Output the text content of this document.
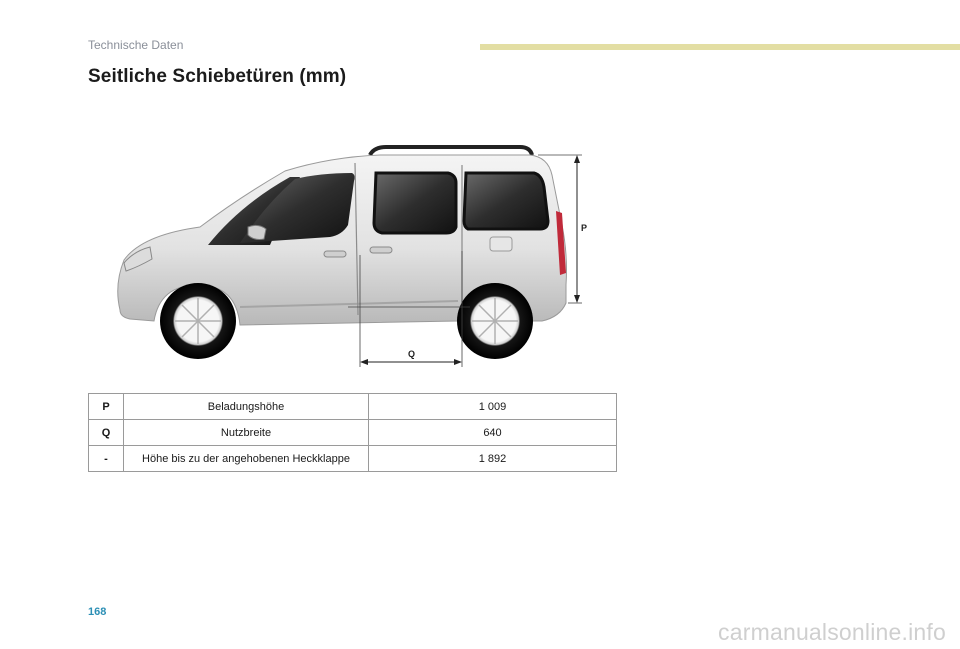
Technische Daten
Seitliche Schiebetüren (mm)
P
Q
P	Beladungshöhe	1 009
Q	Nutzbreite	640
-	Höhe bis zu der angehobenen Heckklappe	1 892
168
carmanualsonline.info
